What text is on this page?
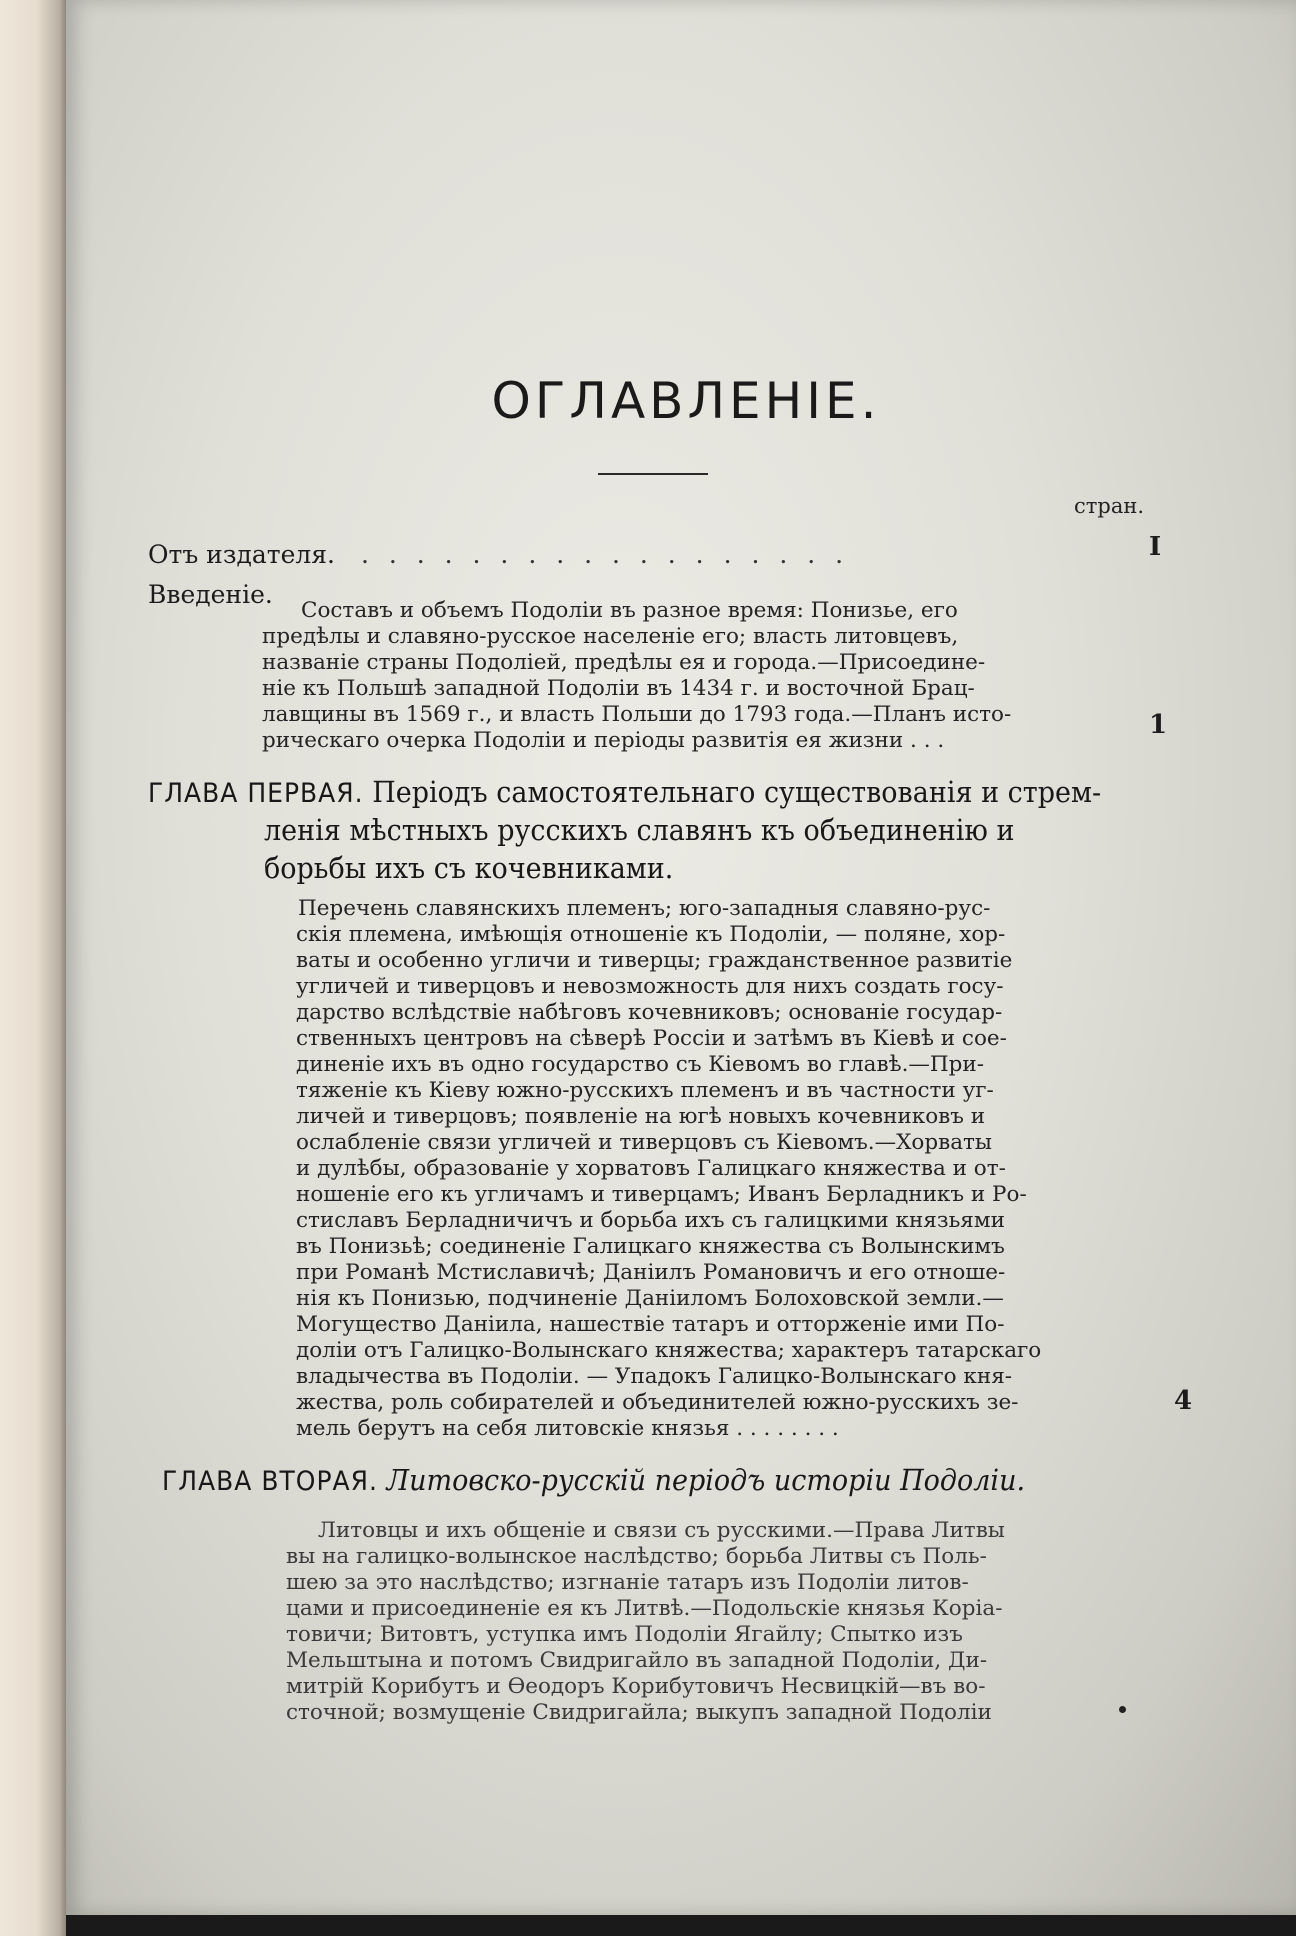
ОГЛАВЛЕНІЕ.
стран.
Отъ издателя. . . . . . . . . . . . . . . . . . .	I
Введеніе.
Составъ и объемъ Подоліи въ разное время: Понизье, его
предѣлы и славяно-русское населеніе его; власть литовцевъ,
названіе страны Подоліей, предѣлы ея и города.—Присоедине-
ніе къ Польшѣ западной Подоліи въ 1434 г. и восточной Брац-
лавщины въ 1569 г., и власть Польши до 1793 года.—Планъ исто-
рическаго очерка Подоліи и періоды развитія ея жизни . . .
1
ГЛАВА ПЕРВАЯ. Періодъ самостоятельнаго существованія и стрем-
ленія мѣстныхъ русскихъ славянъ къ объединенію и
борьбы ихъ съ кочевниками.
Перечень славянскихъ племенъ; юго-западныя славяно-рус-
скія племена, имѣющія отношеніе къ Подоліи, — поляне, хор-
ваты и особенно угличи и тиверцы; гражданственное развитіе
угличей и тиверцовъ и невозможность для нихъ создать госу-
дарство вслѣдствіе набѣговъ кочевниковъ; основаніе государ-
ственныхъ центровъ на сѣверѣ Россіи и затѣмъ въ Кіевѣ и сое-
диненіе ихъ въ одно государство съ Кіевомъ во главѣ.—При-
тяженіе къ Кіеву южно-русскихъ племенъ и въ частности уг-
личей и тиверцовъ; появленіе на югѣ новыхъ кочевниковъ и
ослабленіе связи угличей и тиверцовъ съ Кіевомъ.—Хорваты
и дулѣбы, образованіе у хорватовъ Галицкаго княжества и от-
ношеніе его къ угличамъ и тиверцамъ; Иванъ Берладникъ и Ро-
стиславъ Берладничичъ и борьба ихъ съ галицкими князьями
въ Понизьѣ; соединеніе Галицкаго княжества съ Волынскимъ
при Романѣ Мстиславичѣ; Даніилъ Романовичъ и его отноше-
нія къ Понизью, подчиненіе Даніиломъ Болоховской земли.—
Могущество Даніила, нашествіе татаръ и отторженіе ими По-
доліи отъ Галицко-Волынскаго княжества; характеръ татарскаго
владычества въ Подоліи. — Упадокъ Галицко-Волынскаго кня-
жества, роль собирателей и объединителей южно-русскихъ зе-
мель берутъ на себя литовскіе князья . . . . . . . .
4
ГЛАВА ВТОРАЯ. Литовско-русскій періодъ исторіи Подоліи.
Литовцы и ихъ общеніе и связи съ русскими.—Права Литвы
вы на галицко-волынское наслѣдство; борьба Литвы съ Поль-
шею за это наслѣдство; изгнаніе татаръ изъ Подоліи литов-
цами и присоединеніе ея къ Литвѣ.—Подольскіе князья Коріа-
товичи; Витовтъ, уступка имъ Подоліи Ягайлу; Спытко изъ
Мельштына и потомъ Свидригайло въ западной Подоліи, Ди-
митрій Корибутъ и Ѳеодоръ Корибутовичъ Несвицкій—въ во-
сточной; возмущеніе Свидригайла; выкупъ западной Подоліи
